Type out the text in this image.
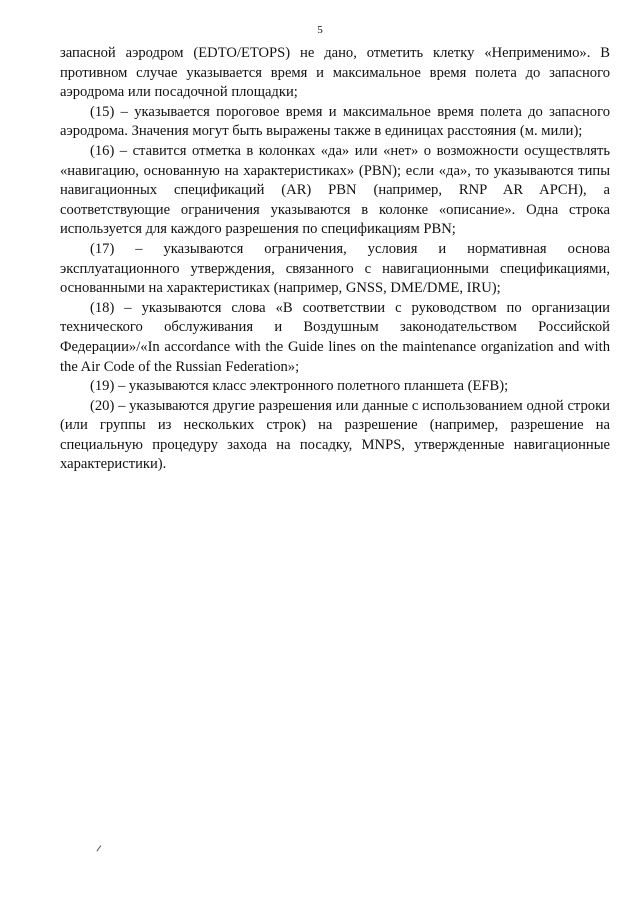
5

запасной аэродром (EDTO/ETOPS) не дано, отметить клетку «Неприменимо». В противном случае указывается время и максимальное время полета до запасного аэродрома или посадочной площадки;

(15) – указывается пороговое время и максимальное время полета до запасного аэродрома. Значения могут быть выражены также в единицах расстояния (м. мили);

(16) – ставится отметка в колонках «да» или «нет» о возможности осуществлять «навигацию, основанную на характеристиках» (PBN); если «да», то указываются типы навигационных спецификаций (AR) PBN (например, RNP AR APCH), а соответствующие ограничения указываются в колонке «описание». Одна строка используется для каждого разрешения по спецификациям PBN;

(17) – указываются ограничения, условия и нормативная основа эксплуатационного утверждения, связанного с навигационными спецификациями, основанными на характеристиках (например, GNSS, DME/DME, IRU);

(18) – указываются слова «В соответствии с руководством по организации технического обслуживания и Воздушным законодательством Российской Федерации»/«In accordance with the Guide lines on the maintenance organization and with the Air Code of the Russian Federation»;

(19) – указываются класс электронного полетного планшета (EFB);

(20) – указываются другие разрешения или данные с использованием одной строки (или группы из нескольких строк) на разрешение (например, разрешение на специальную процедуру захода на посадку, MNPS, утвержденные навигационные характеристики).
